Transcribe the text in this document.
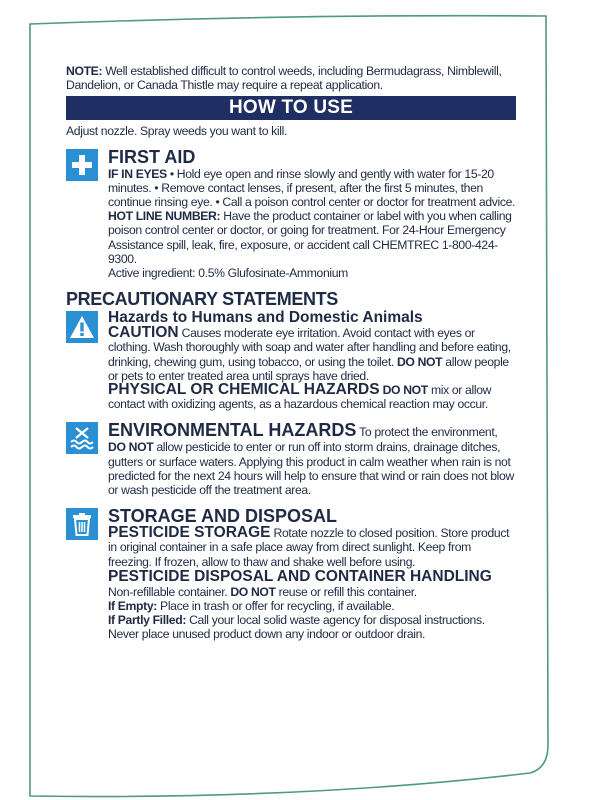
NOTE: Well established difficult to control weeds, including Bermudagrass, Nimblewill, Dandelion, or Canada Thistle may require a repeat application.
HOW TO USE
Adjust nozzle. Spray weeds you want to kill.
FIRST AID
IF IN EYES • Hold eye open and rinse slowly and gently with water for 15-20 minutes. • Remove contact lenses, if present, after the first 5 minutes, then continue rinsing eye. • Call a poison control center or doctor for treatment advice. HOT LINE NUMBER: Have the product container or label with you when calling poison control center or doctor, or going for treatment. For 24-Hour Emergency Assistance spill, leak, fire, exposure, or accident call CHEMTREC 1-800-424-9300.
Active ingredient: 0.5% Glufosinate-Ammonium
PRECAUTIONARY STATEMENTS
Hazards to Humans and Domestic Animals
CAUTION Causes moderate eye irritation. Avoid contact with eyes or clothing. Wash thoroughly with soap and water after handling and before eating, drinking, chewing gum, using tobacco, or using the toilet. DO NOT allow people or pets to enter treated area until sprays have dried.
PHYSICAL OR CHEMICAL HAZARDS DO NOT mix or allow contact with oxidizing agents, as a hazardous chemical reaction may occur.
ENVIRONMENTAL HAZARDS To protect the environment, DO NOT allow pesticide to enter or run off into storm drains, drainage ditches, gutters or surface waters. Applying this product in calm weather when rain is not predicted for the next 24 hours will help to ensure that wind or rain does not blow or wash pesticide off the treatment area.
STORAGE AND DISPOSAL
PESTICIDE STORAGE Rotate nozzle to closed position. Store product in original container in a safe place away from direct sunlight. Keep from freezing. If frozen, allow to thaw and shake well before using.
PESTICIDE DISPOSAL AND CONTAINER HANDLING
Non-refillable container. DO NOT reuse or refill this container.
If Empty: Place in trash or offer for recycling, if available.
If Partly Filled: Call your local solid waste agency for disposal instructions. Never place unused product down any indoor or outdoor drain.
